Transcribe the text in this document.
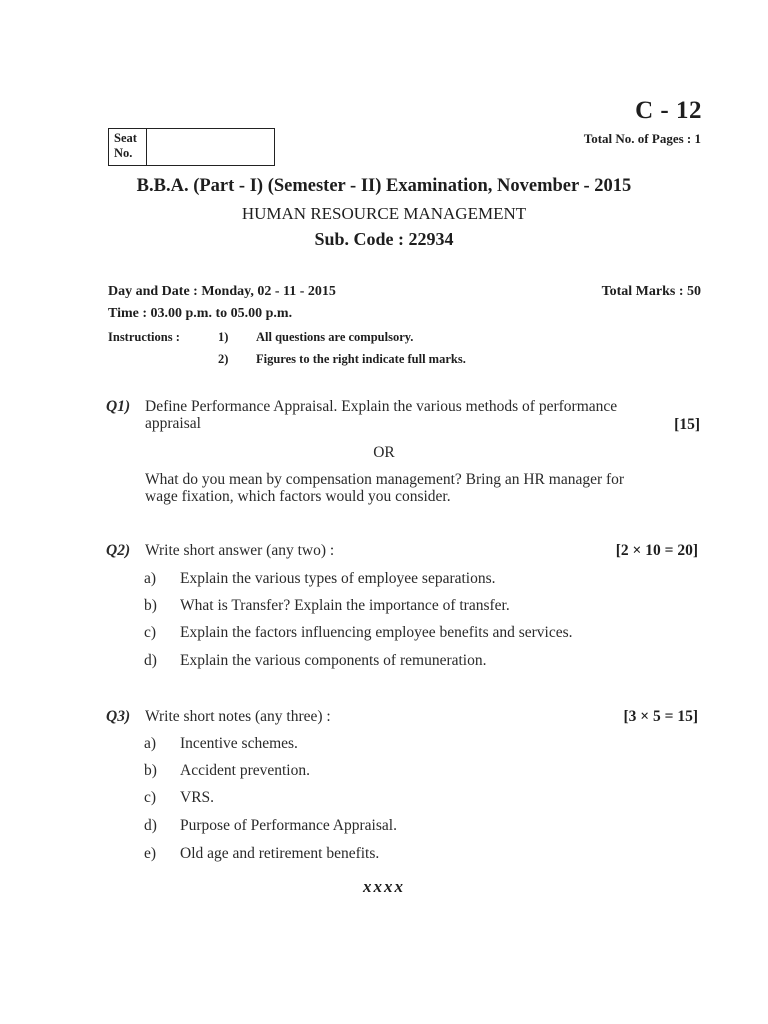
C - 12
Total No. of Pages : 1
Seat
No.
B.B.A. (Part - I) (Semester - II) Examination, November - 2015
HUMAN RESOURCE MANAGEMENT
Sub. Code : 22934
Day and Date : Monday, 02 - 11 - 2015	Total Marks : 50
Time : 03.00 p.m. to 05.00 p.m.
Instructions :	1) All questions are compulsory.
2) Figures to the right indicate full marks.
Q1) Define Performance Appraisal. Explain the various methods of performance
appraisal	[15]
OR
What do you mean by compensation management? Bring an HR manager for
wage fixation, which factors would you consider.
Q2) Write short answer (any two) :	[2 × 10 = 20]
a) Explain the various types of employee separations.
b) What is Transfer? Explain the importance of transfer.
c) Explain the factors influencing employee benefits and services.
d) Explain the various components of remuneration.
Q3) Write short notes (any three) :	[3 × 5 = 15]
a) Incentive schemes.
b) Accident prevention.
c) VRS.
d) Purpose of Performance Appraisal.
e) Old age and retirement benefits.
xxxx
